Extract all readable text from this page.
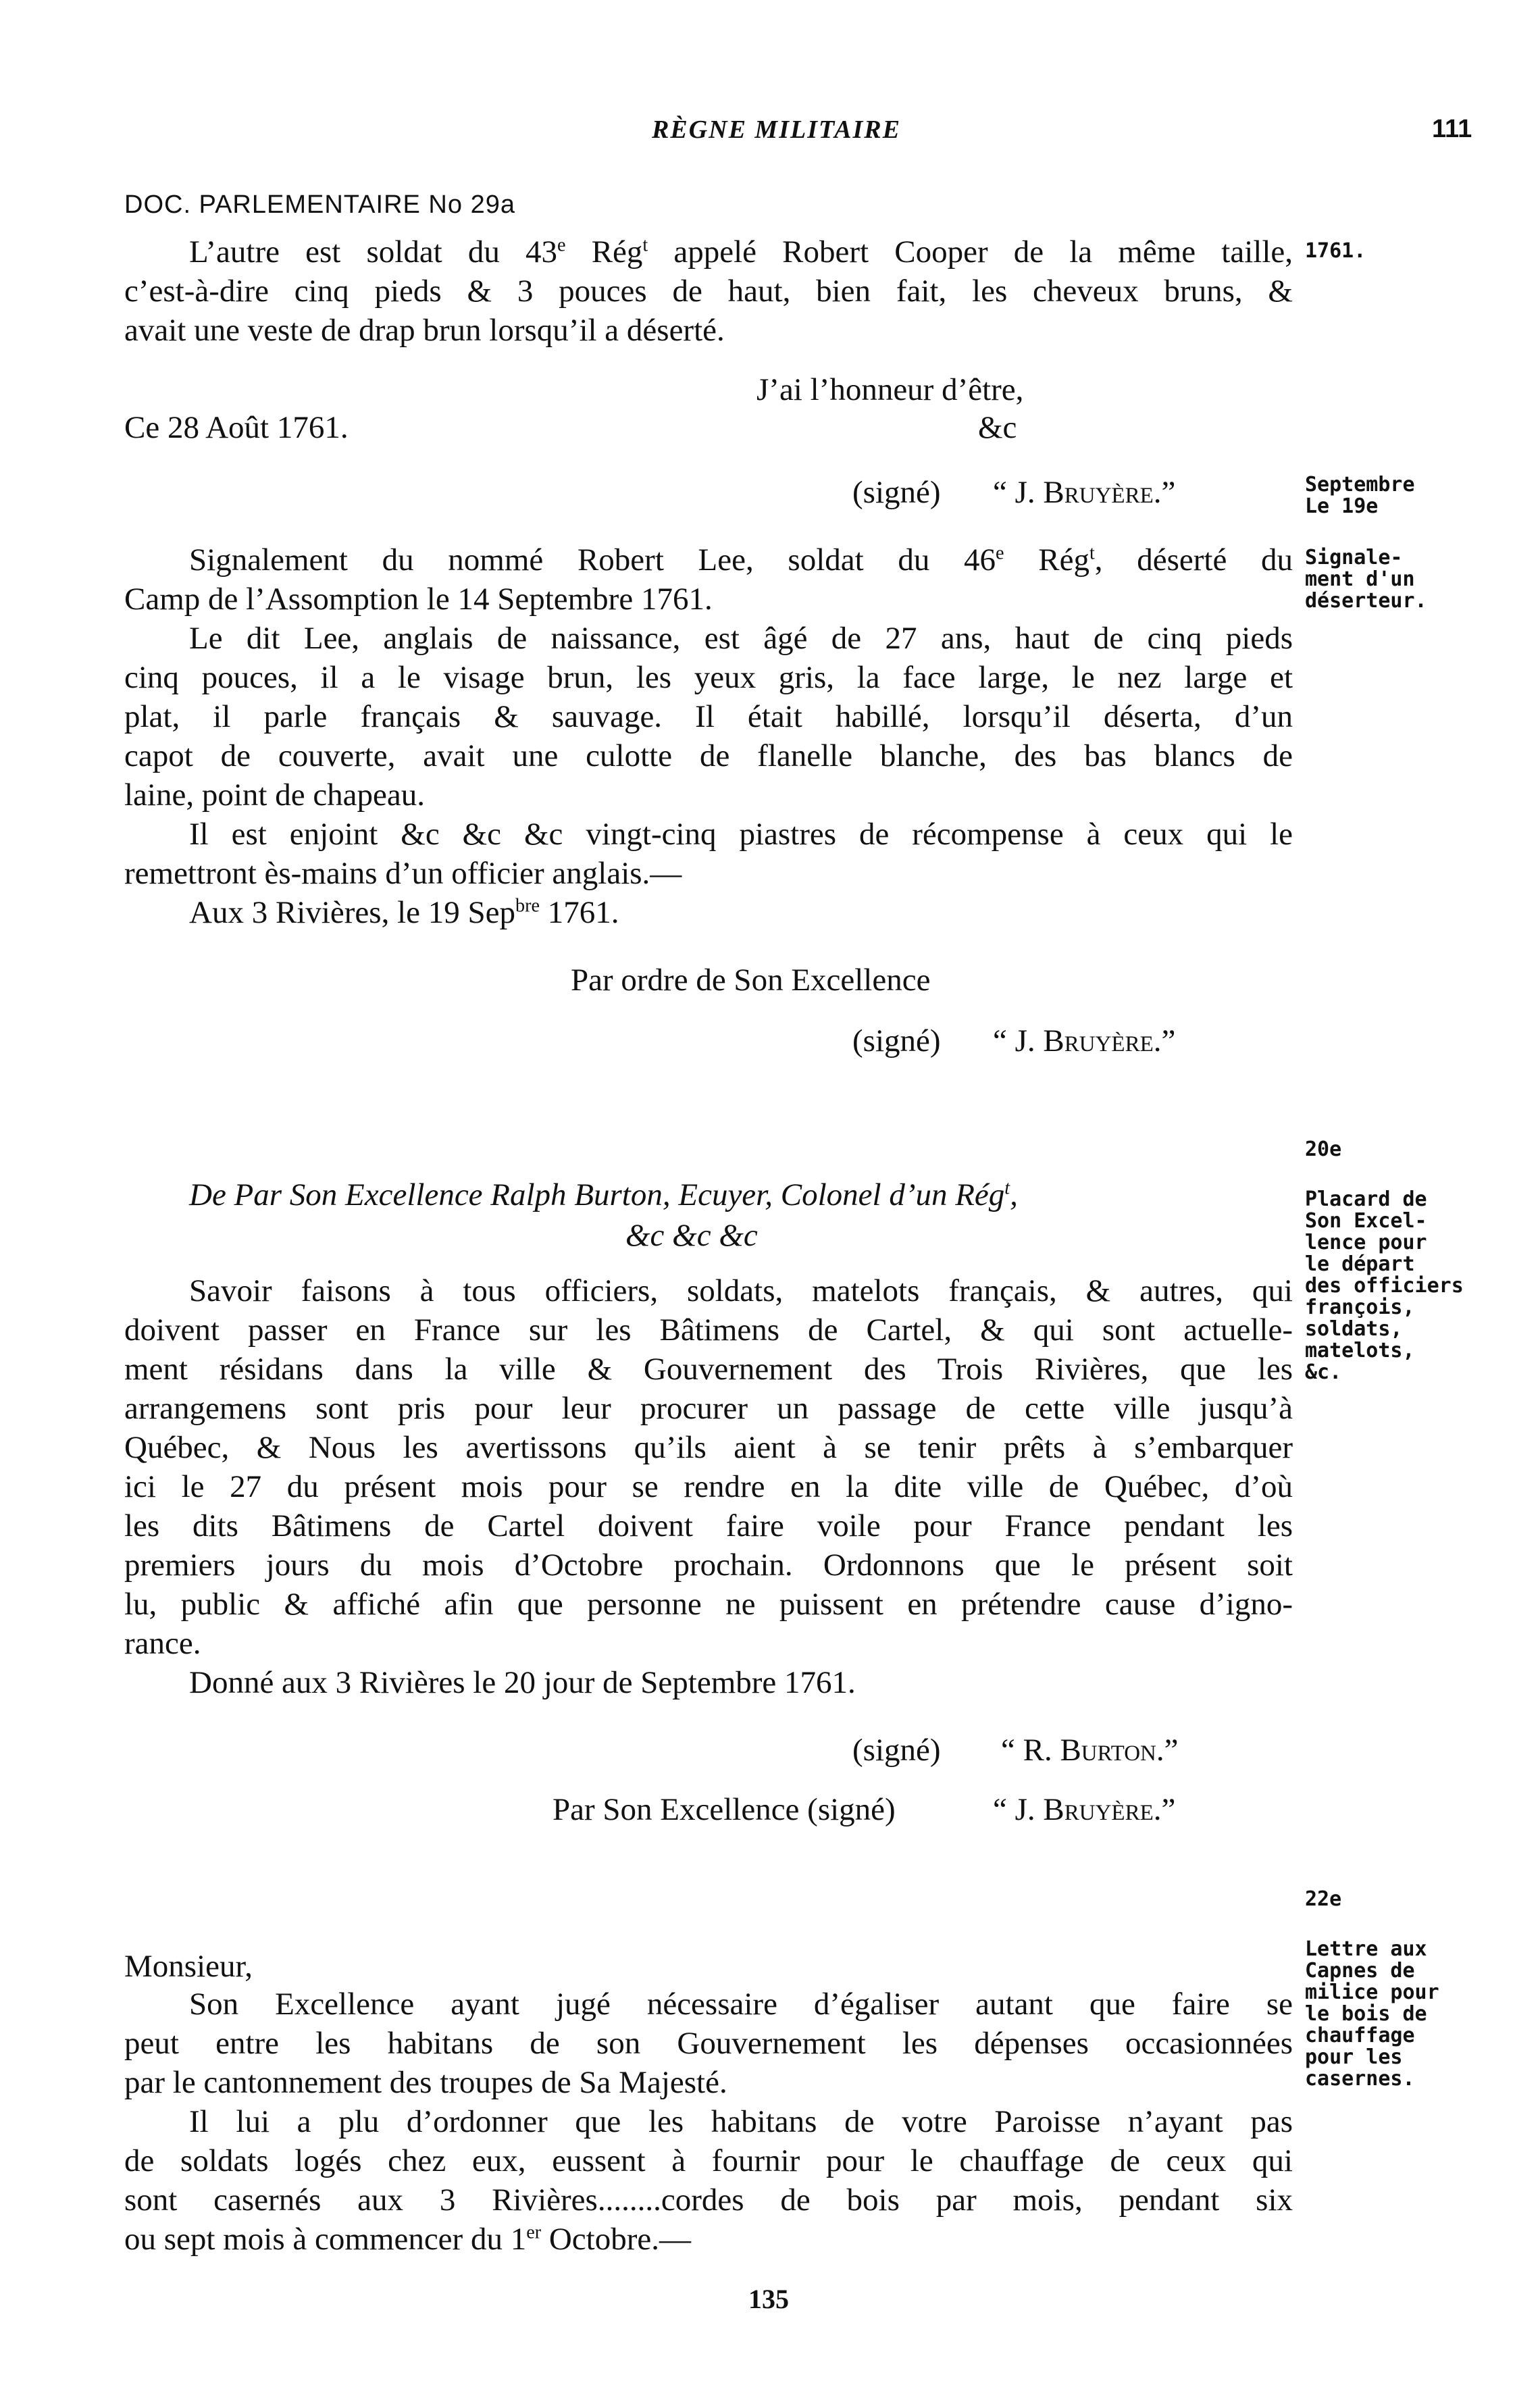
RÈGNE MILITAIRE	111
DOC. PARLEMENTAIRE No 29a
L’autre est soldat du 43e Rég$^t$ appelé Robert Cooper de la même taille,
c’est-à-dire cinq pieds & 3 pouces de haut, bien fait, les cheveux bruns, &
avait une veste de drap brun lorsqu’il a déserté.
J’ai l’honneur d’être,
Ce 28 Août 1761.	&c
(signé) “ J. Bruyère.”
Signalement du nommé Robert Lee, soldat du 46e Rég$^t$, déserté du
Camp de l’Assomption le 14 Septembre 1761.
Le dit Lee, anglais de naissance, est âgé de 27 ans, haut de cinq pieds
cinq pouces, il a le visage brun, les yeux gris, la face large, le nez large et
plat, il parle français & sauvage. Il était habillé, lorsqu’il déserta, d’un
capot de couverte, avait une culotte de flanelle blanche, des bas blancs de
laine, point de chapeau.
Il est enjoint &c &c &c vingt-cinq piastres de récompense à ceux qui le
remettront ès-mains d’un officier anglais.—
Aux 3 Rivières, le 19 Sep$^{bre}$ 1761.
Par ordre de Son Excellence
(signé) “ J. Bruyère.”
De Par Son Excellence Ralph Burton, Ecuyer, Colonel d’un Rég$^t$,
&c &c &c
Savoir faisons à tous officiers, soldats, matelots français, & autres, qui
doivent passer en France sur les Bâtimens de Cartel, & qui sont actuelle-
ment résidans dans la ville & Gouvernement des Trois Rivières, que les
arrangemens sont pris pour leur procurer un passage de cette ville jusqu’à
Québec, & Nous les avertissons qu’ils aient à se tenir prêts à s’embarquer
ici le 27 du présent mois pour se rendre en la dite ville de Québec, d’où
les dits Bâtimens de Cartel doivent faire voile pour France pendant les
premiers jours du mois d’Octobre prochain. Ordonnons que le présent soit
lu, public & affiché afin que personne ne puissent en prétendre cause d’igno-
rance.
Donné aux 3 Rivières le 20 jour de Septembre 1761.
(signé) “ R. Burton.”
Par Son Excellence (signé)	“ J. Bruyère.”
Monsieur,
Son Excellence ayant jugé nécessaire d’égaliser autant que faire se
peut entre les habitans de son Gouvernement les dépenses occasionnées
par le cantonnement des troupes de Sa Majesté.
Il lui a plu d’ordonner que les habitans de votre Paroisse n’ayant pas
de soldats logés chez eux, eussent à fournir pour le chauffage de ceux qui
sont casernés aux 3 Rivières........cordes de bois par mois, pendant six
ou sept mois à commencer du 1er Octobre.—
1761.
Septembre
Le 19e
Signale-
ment d'un
déserteur.
20e
Placard de
Son Excel-
lence pour
le départ
des officiers
françois,
soldats,
matelots,
&c.
22e
Lettre aux
Capnes de
milice pour
le bois de
chauffage
pour les
casernes.
135
